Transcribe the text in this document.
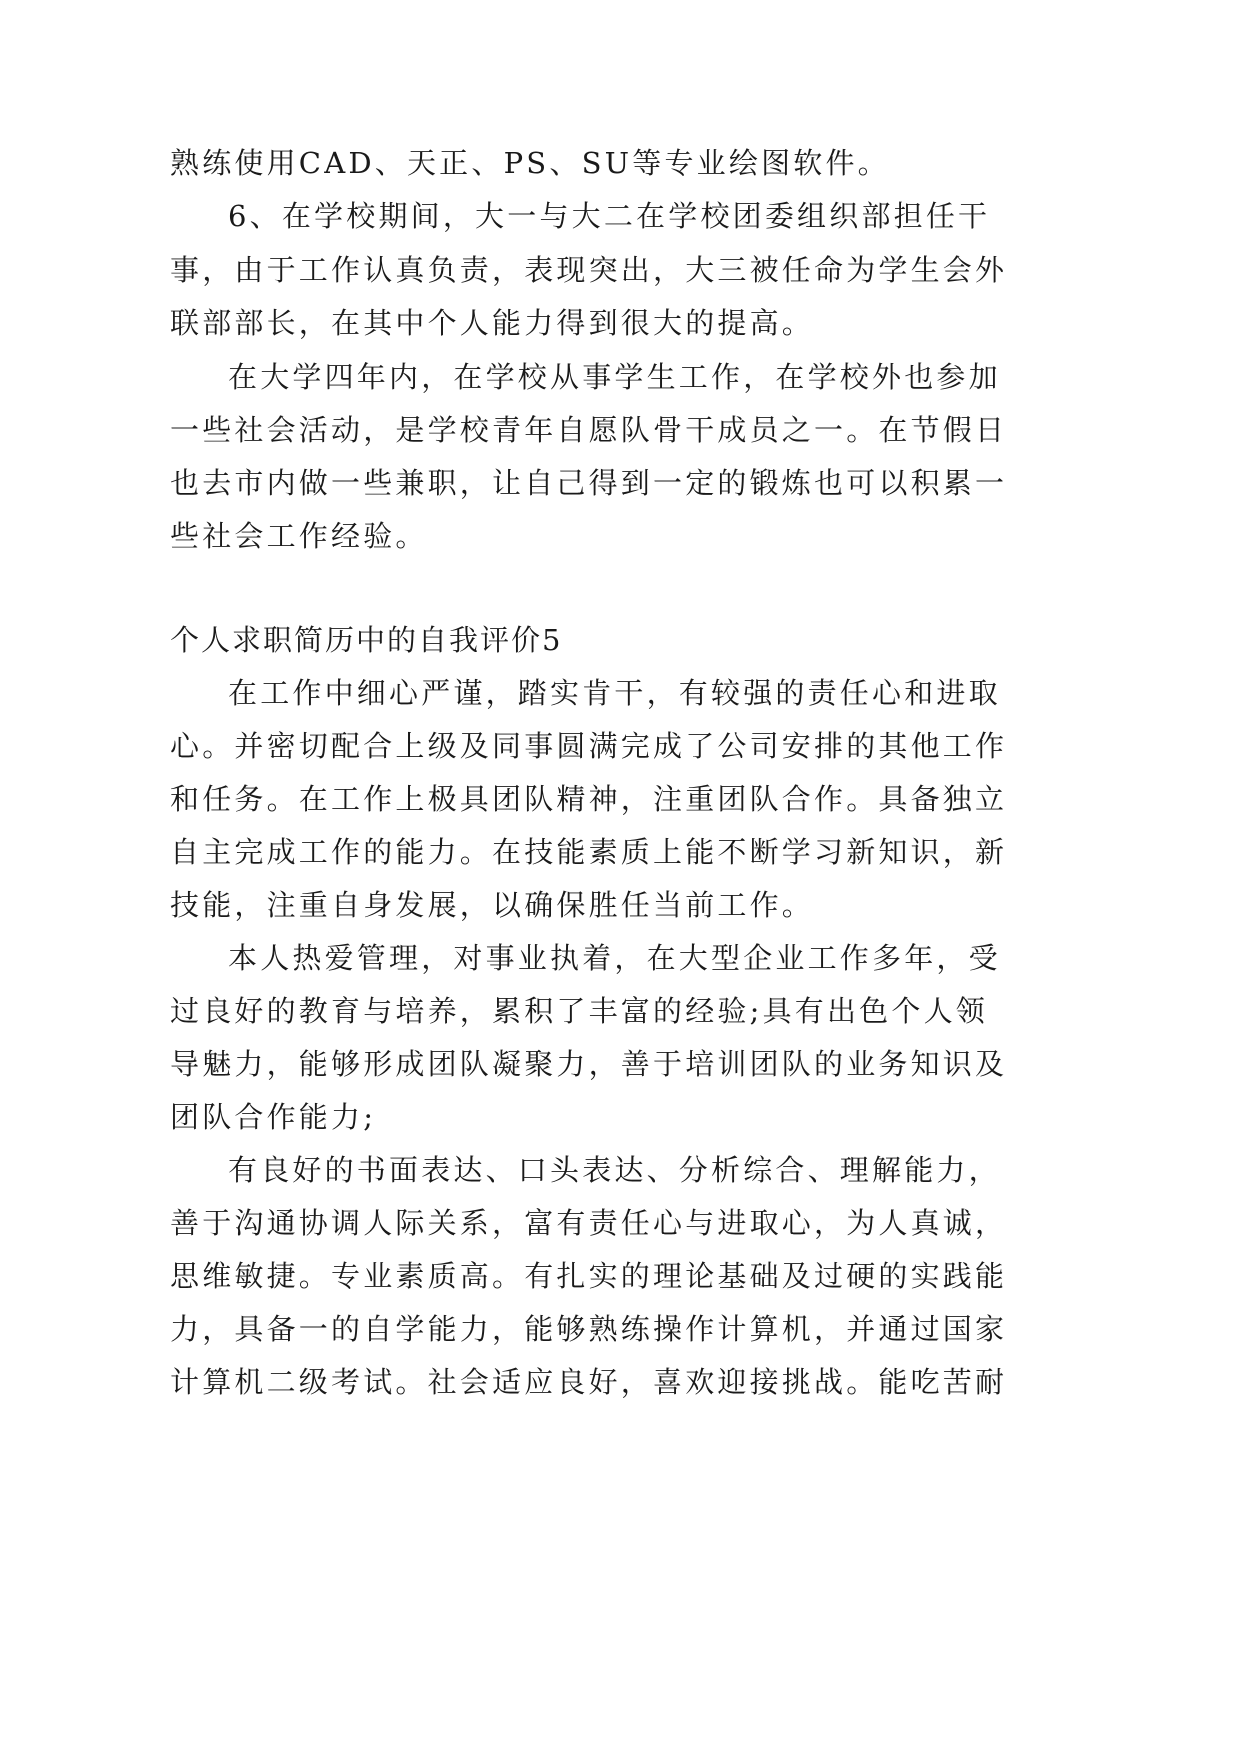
熟练使用CAD、天正、PS、SU等专业绘图软件。
6、在学校期间，大一与大二在学校团委组织部担任干
事，由于工作认真负责，表现突出，大三被任命为学生会外
联部部长，在其中个人能力得到很大的提高。
在大学四年内，在学校从事学生工作，在学校外也参加
一些社会活动，是学校青年自愿队骨干成员之一。在节假日
也去市内做一些兼职，让自己得到一定的锻炼也可以积累一
些社会工作经验。
个人求职简历中的自我评价5
在工作中细心严谨，踏实肯干，有较强的责任心和进取
心。并密切配合上级及同事圆满完成了公司安排的其他工作
和任务。在工作上极具团队精神，注重团队合作。具备独立
自主完成工作的能力。在技能素质上能不断学习新知识，新
技能，注重自身发展，以确保胜任当前工作。
本人热爱管理，对事业执着，在大型企业工作多年，受
过良好的教育与培养，累积了丰富的经验;具有出色个人领
导魅力，能够形成团队凝聚力，善于培训团队的业务知识及
团队合作能力;
有良好的书面表达、口头表达、分析综合、理解能力，
善于沟通协调人际关系，富有责任心与进取心，为人真诚，
思维敏捷。专业素质高。有扎实的理论基础及过硬的实践能
力，具备一的自学能力，能够熟练操作计算机，并通过国家
计算机二级考试。社会适应良好，喜欢迎接挑战。能吃苦耐
